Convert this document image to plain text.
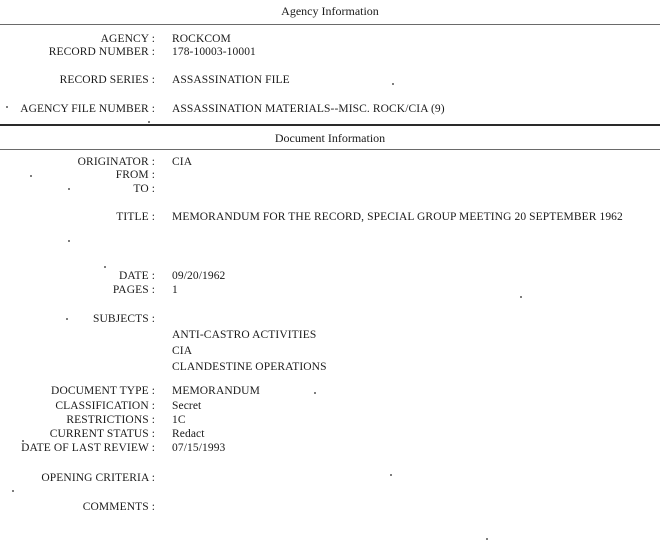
Agency Information
AGENCY : ROCKCOM
RECORD NUMBER : 178-10003-10001
RECORD SERIES : ASSASSINATION FILE
AGENCY FILE NUMBER : ASSASSINATION MATERIALS--MISC. ROCK/CIA (9)
Document Information
ORIGINATOR : CIA
FROM :
TO :
TITLE : MEMORANDUM FOR THE RECORD, SPECIAL GROUP MEETING 20 SEPTEMBER 1962
DATE : 09/20/1962
PAGES : 1
SUBJECTS :
ANTI-CASTRO ACTIVITIES
CIA
CLANDESTINE OPERATIONS
DOCUMENT TYPE : MEMORANDUM
CLASSIFICATION : Secret
RESTRICTIONS : 1C
CURRENT STATUS : Redact
DATE OF LAST REVIEW : 07/15/1993
OPENING CRITERIA :
COMMENTS :
